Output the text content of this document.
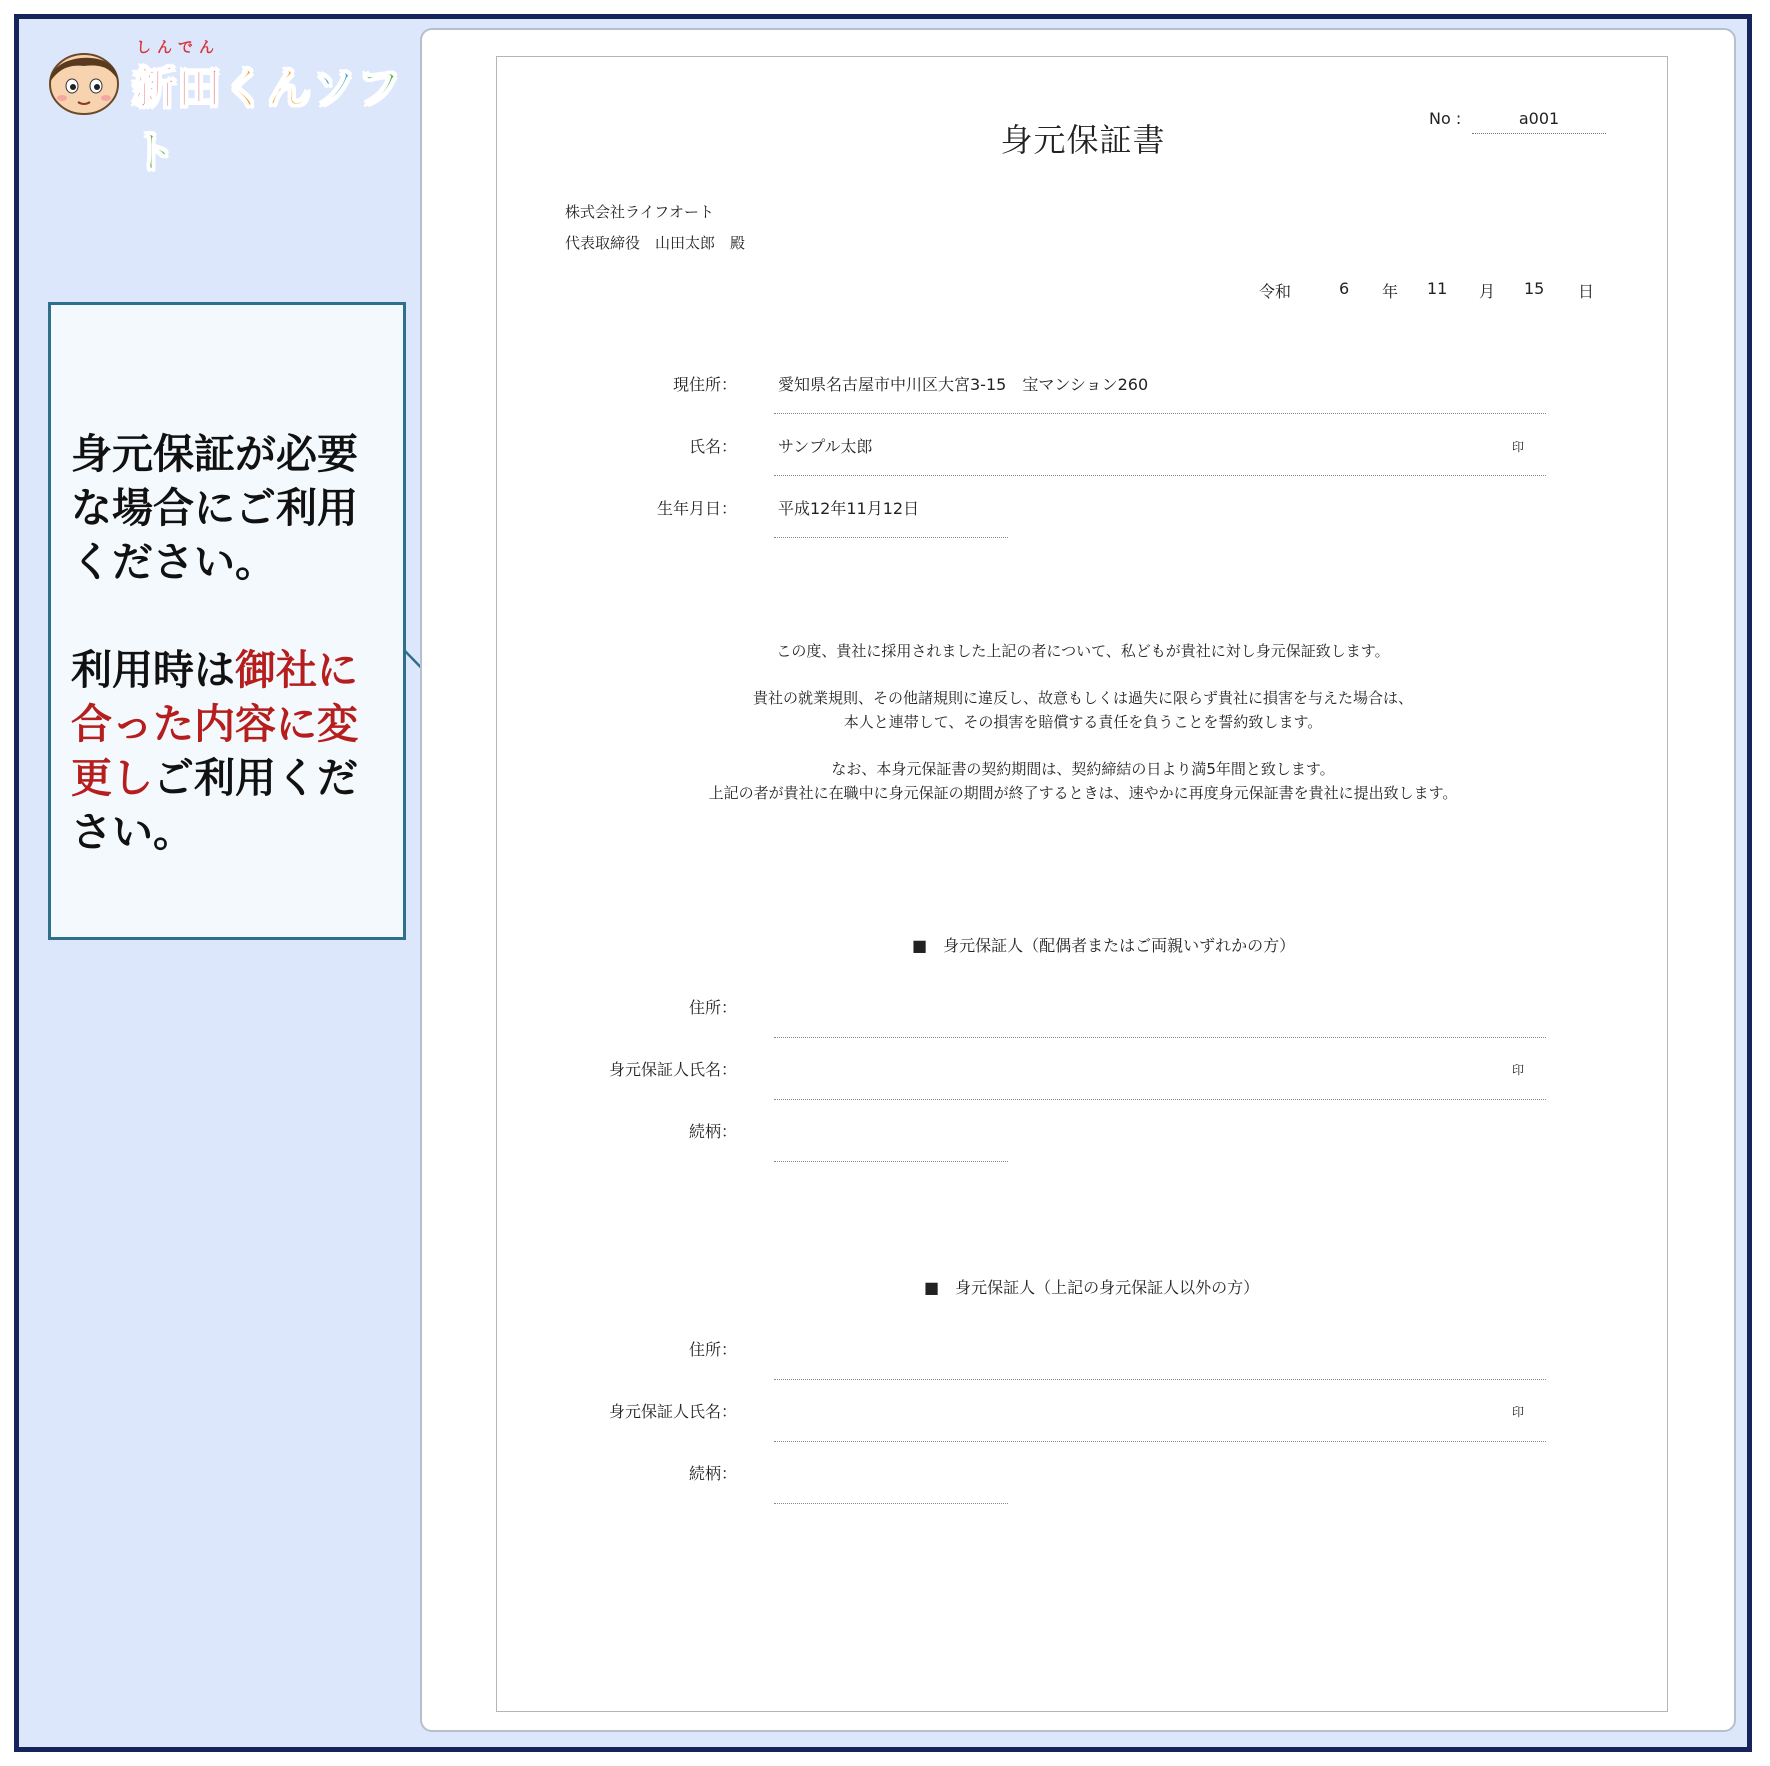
しんでん
新田くんソフト

身元保証が必要

な場合にご利用

ください。

利用時は御社に

合った内容に変

更しご利用くだ

さい。

身元保証書
No :	a001
株式会社ライフオート
代表取締役　山田太郎　殿
令和	6 年 11 月 15 日
現住所：	愛知県名古屋市中川区大宮3-15　宝マンション260
氏名：	サンプル太郎	印
生年月日：	平成12年11月12日
この度、貴社に採用されました上記の者について、私どもが貴社に対し身元保証致します。
貴社の就業規則、その他諸規則に違反し、故意もしくは過失に限らず貴社に損害を与えた場合は、
本人と連帯して、その損害を賠償する責任を負うことを誓約致します。
なお、本身元保証書の契約期間は、契約締結の日より満5年間と致します。
上記の者が貴社に在職中に身元保証の期間が終了するときは、速やかに再度身元保証書を貴社に提出致します。
■　身元保証人（配偶者またはご両親いずれかの方）
住所：
身元保証人氏名：	印
続柄：
■　身元保証人（上記の身元保証人以外の方）
住所：
身元保証人氏名：	印
続柄：
